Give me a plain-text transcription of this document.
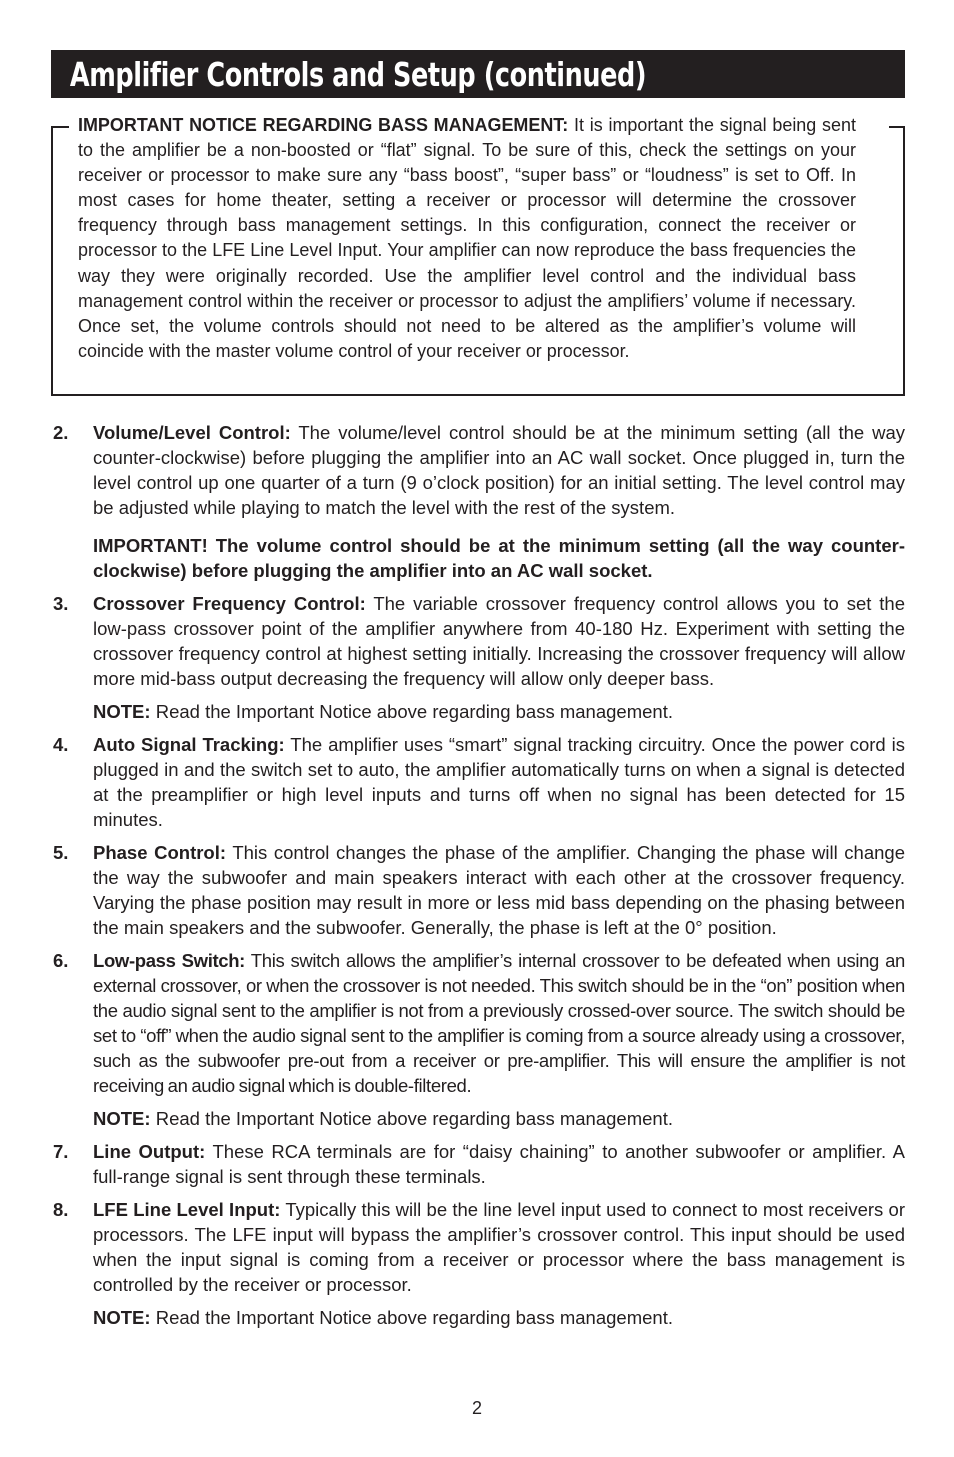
Amplifier Controls and Setup (continued)

IMPORTANT NOTICE REGARDING BASS MANAGEMENT: It is important the signal being sent to the amplifier be a non-boosted or “flat” signal. To be sure of this, check the settings on your receiver or processor to make sure any “bass boost”, “super bass” or “loudness” is set to Off. In most cases for home theater, setting a receiver or processor will determine the crossover frequency through bass management settings. In this configuration, connect the receiver or processor to the LFE Line Level Input. Your amplifier can now reproduce the bass frequencies the way they were originally recorded. Use the amplifier level control and the individual bass management control within the receiver or processor to adjust the amplifiers’ volume if necessary. Once set, the volume controls should not need to be altered as the amplifier’s volume will coincide with the master volume control of your receiver or processor.

2. Volume/Level Control: The volume/level control should be at the minimum setting (all the way counter-clockwise) before plugging the amplifier into an AC wall socket. Once plugged in, turn the level control up one quarter of a turn (9 o’clock position) for an initial setting. The level control may be adjusted while playing to match the level with the rest of the system.

IMPORTANT! The volume control should be at the minimum setting (all the way counter-clockwise) before plugging the amplifier into an AC wall socket.

3. Crossover Frequency Control: The variable crossover frequency control allows you to set the low-pass crossover point of the amplifier anywhere from 40-180 Hz. Experiment with setting the crossover frequency control at highest setting initially. Increasing the crossover frequency will allow more mid-bass output decreasing the frequency will allow only deeper bass.

NOTE: Read the Important Notice above regarding bass management.

4. Auto Signal Tracking: The amplifier uses “smart” signal tracking circuitry. Once the power cord is plugged in and the switch set to auto, the amplifier automatically turns on when a signal is detected at the preamplifier or high level inputs and turns off when no signal has been detected for 15 minutes.

5. Phase Control: This control changes the phase of the amplifier. Changing the phase will change the way the subwoofer and main speakers interact with each other at the crossover frequency. Varying the phase position may result in more or less mid bass depending on the phasing between the main speakers and the subwoofer. Generally, the phase is left at the 0° position.

6. Low-pass Switch: This switch allows the amplifier’s internal crossover to be defeated when using an external crossover, or when the crossover is not needed. This switch should be in the “on” position when the audio signal sent to the amplifier is not from a previously crossed-over source. The switch should be set to “off” when the audio signal sent to the amplifier is coming from a source already using a crossover, such as the subwoofer pre-out from a receiver or pre-amplifier. This will ensure the amplifier is not receiving an audio signal which is double-filtered.

NOTE: Read the Important Notice above regarding bass management.

7. Line Output: These RCA terminals are for “daisy chaining” to another subwoofer or amplifier. A full-range signal is sent through these terminals.

8. LFE Line Level Input: Typically this will be the line level input used to connect to most receivers or processors. The LFE input will bypass the amplifier’s crossover control. This input should be used when the input signal is coming from a receiver or processor where the bass management is controlled by the receiver or processor.

NOTE: Read the Important Notice above regarding bass management.

2
